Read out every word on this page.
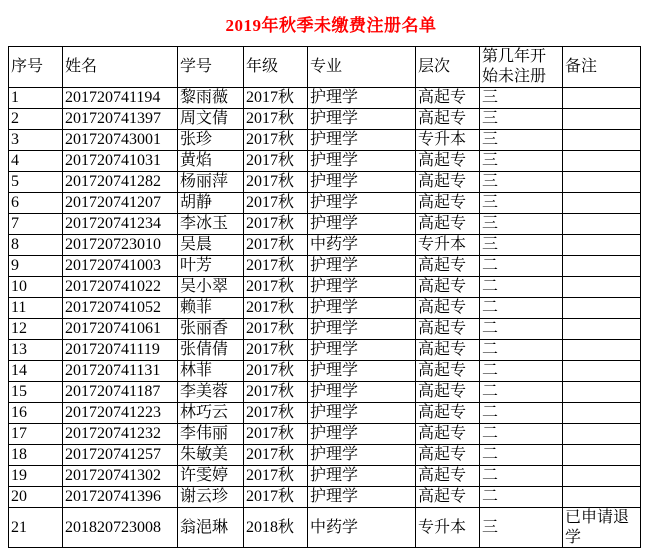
2019年秋季未缴费注册名单
序号	姓名	学号	年级	专业	层次	第几年开始未注册	备注
1	201720741194	黎雨薇	2017秋	护理学	高起专	三	
2	201720741397	周文倩	2017秋	护理学	高起专	三	
3	201720743001	张珍	2017秋	护理学	专升本	三	
4	201720741031	黄焰	2017秋	护理学	高起专	三	
5	201720741282	杨丽萍	2017秋	护理学	高起专	三	
6	201720741207	胡静	2017秋	护理学	高起专	三	
7	201720741234	李冰玉	2017秋	护理学	高起专	三	
8	201720723010	吴晨	2017秋	中药学	专升本	三	
9	201720741003	叶芳	2017秋	护理学	高起专	二	
10	201720741022	吴小翠	2017秋	护理学	高起专	二	
11	201720741052	赖菲	2017秋	护理学	高起专	二	
12	201720741061	张丽香	2017秋	护理学	高起专	二	
13	201720741119	张倩倩	2017秋	护理学	高起专	二	
14	201720741131	林菲	2017秋	护理学	高起专	二	
15	201720741187	李美蓉	2017秋	护理学	高起专	二	
16	201720741223	林巧云	2017秋	护理学	高起专	二	
17	201720741232	李伟丽	2017秋	护理学	高起专	二	
18	201720741257	朱敏美	2017秋	护理学	高起专	二	
19	201720741302	许雯婷	2017秋	护理学	高起专	二	
20	201720741396	谢云珍	2017秋	护理学	高起专	二	
21	201820723008	翁浥琳	2018秋	中药学	专升本	三	已申请退学
